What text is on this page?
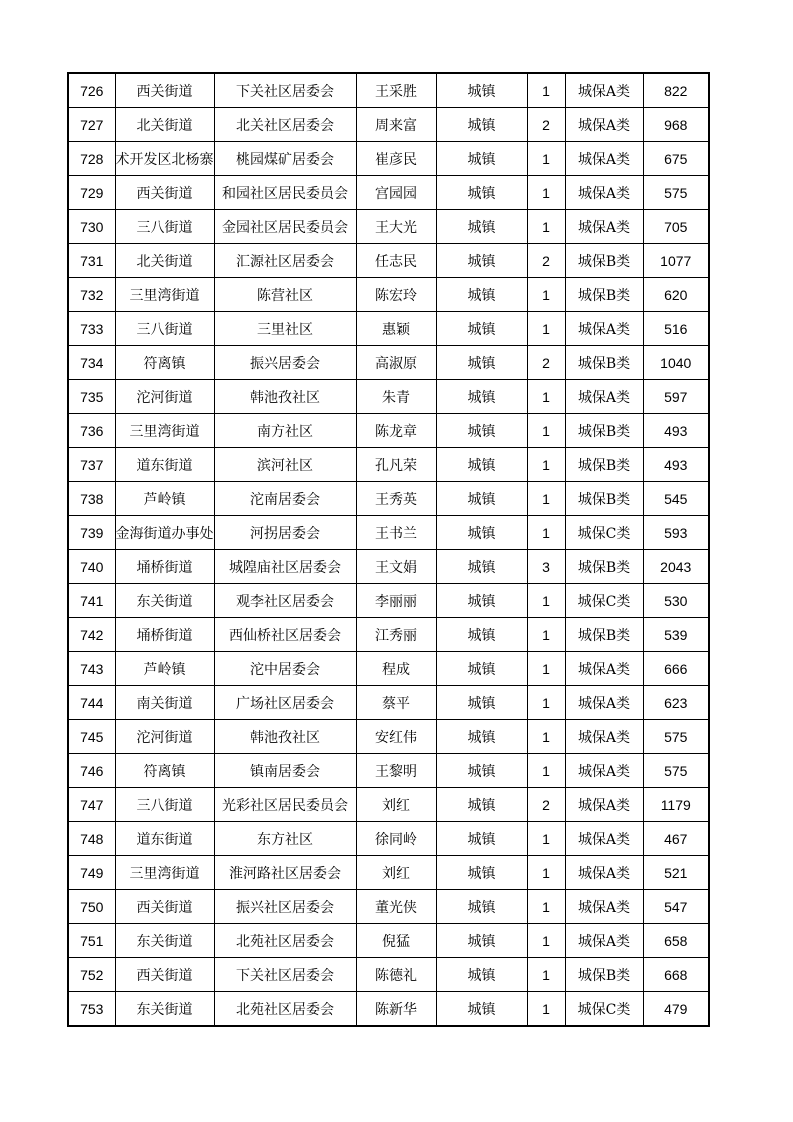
726	西关街道	下关社区居委会	王采胜	城镇	1	城保A类	822
727	北关街道	北关社区居委会	周来富	城镇	2	城保A类	968
728	术开发区北杨寨	桃园煤矿居委会	崔彦民	城镇	1	城保A类	675
729	西关街道	和园社区居民委员会	宫园园	城镇	1	城保A类	575
730	三八街道	金园社区居民委员会	王大光	城镇	1	城保A类	705
731	北关街道	汇源社区居委会	任志民	城镇	2	城保B类	1077
732	三里湾街道	陈营社区	陈宏玲	城镇	1	城保B类	620
733	三八街道	三里社区	惠颖	城镇	1	城保A类	516
734	符离镇	振兴居委会	高淑原	城镇	2	城保B类	1040
735	沱河街道	韩池孜社区	朱青	城镇	1	城保A类	597
736	三里湾街道	南方社区	陈龙章	城镇	1	城保B类	493
737	道东街道	滨河社区	孔凡荣	城镇	1	城保B类	493
738	芦岭镇	沱南居委会	王秀英	城镇	1	城保B类	545
739	金海街道办事处	河拐居委会	王书兰	城镇	1	城保C类	593
740	埇桥街道	城隍庙社区居委会	王文娟	城镇	3	城保B类	2043
741	东关街道	观李社区居委会	李丽丽	城镇	1	城保C类	530
742	埇桥街道	西仙桥社区居委会	江秀丽	城镇	1	城保B类	539
743	芦岭镇	沱中居委会	程成	城镇	1	城保A类	666
744	南关街道	广场社区居委会	蔡平	城镇	1	城保A类	623
745	沱河街道	韩池孜社区	安红伟	城镇	1	城保A类	575
746	符离镇	镇南居委会	王黎明	城镇	1	城保A类	575
747	三八街道	光彩社区居民委员会	刘红	城镇	2	城保A类	1179
748	道东街道	东方社区	徐同岭	城镇	1	城保A类	467
749	三里湾街道	淮河路社区居委会	刘红	城镇	1	城保A类	521
750	西关街道	振兴社区居委会	董光侠	城镇	1	城保A类	547
751	东关街道	北苑社区居委会	倪猛	城镇	1	城保A类	658
752	西关街道	下关社区居委会	陈德礼	城镇	1	城保B类	668
753	东关街道	北苑社区居委会	陈新华	城镇	1	城保C类	479
